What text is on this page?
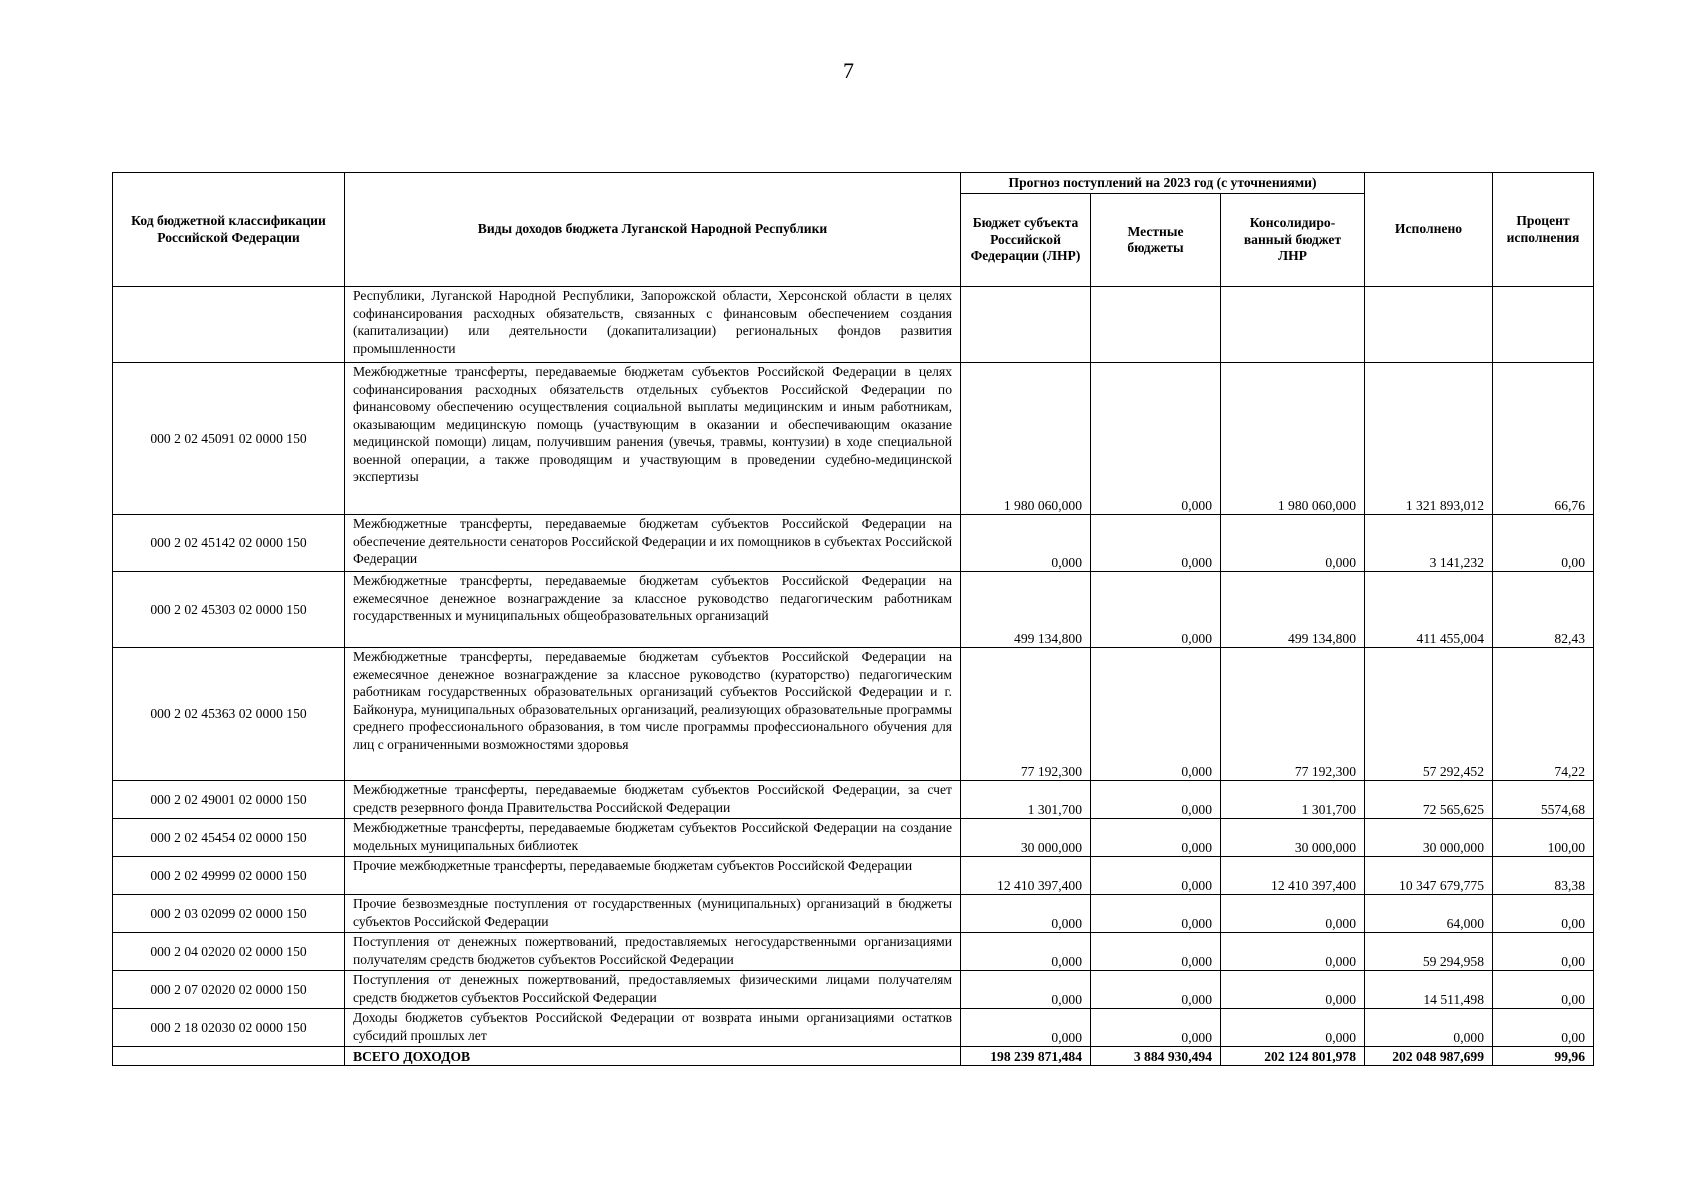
7
Код бюджетной классификации Российской Федерации	Виды доходов бюджета Луганской Народной Республики	Прогноз поступлений на 2023 год (с уточнениями)			Исполнено	Процент исполнения
		Бюджет субъекта Российской Федерации (ЛНР)	Местные бюджеты	Консолидиро-ванный бюджет ЛНР		
	Республики, Луганской Народной Республики, Запорожской области, Херсонской области в целях софинансирования расходных обязательств, связанных с финансовым обеспечением создания (капитализации) или деятельности (докапитализации) региональных фондов развития промышленности					
000 2 02 45091 02 0000 150	Межбюджетные трансферты, передаваемые бюджетам субъектов Российской Федерации в целях софинансирования расходных обязательств отдельных субъектов Российской Федерации по финансовому обеспечению осуществления социальной выплаты медицинским и иным работникам, оказывающим медицинскую помощь (участвующим в оказании и обеспечивающим оказание медицинской помощи) лицам, получившим ранения (увечья, травмы, контузии) в ходе специальной военной операции, а также проводящим и участвующим в проведении судебно-медицинской экспертизы	1 980 060,000	0,000	1 980 060,000	1 321 893,012	66,76
000 2 02 45142 02 0000 150	Межбюджетные трансферты, передаваемые бюджетам субъектов Российской Федерации на обеспечение деятельности сенаторов Российской Федерации и их помощников в субъектах Российской Федерации	0,000	0,000	0,000	3 141,232	0,00
000 2 02 45303 02 0000 150	Межбюджетные трансферты, передаваемые бюджетам субъектов Российской Федерации на ежемесячное денежное вознаграждение за классное руководство педагогическим работникам государственных и муниципальных общеобразовательных организаций	499 134,800	0,000	499 134,800	411 455,004	82,43
000 2 02 45363 02 0000 150	Межбюджетные трансферты, передаваемые бюджетам субъектов Российской Федерации на ежемесячное денежное вознаграждение за классное руководство (кураторство) педагогическим работникам государственных образовательных организаций субъектов Российской Федерации и г. Байконура, муниципальных образовательных организаций, реализующих образовательные программы среднего профессионального образования, в том числе программы профессионального обучения для лиц с ограниченными возможностями здоровья	77 192,300	0,000	77 192,300	57 292,452	74,22
000 2 02 49001 02 0000 150	Межбюджетные трансферты, передаваемые бюджетам субъектов Российской Федерации, за счет средств резервного фонда Правительства Российской Федерации	1 301,700	0,000	1 301,700	72 565,625	5574,68
000 2 02 45454 02 0000 150	Межбюджетные трансферты, передаваемые бюджетам субъектов Российской Федерации на создание модельных муниципальных библиотек	30 000,000	0,000	30 000,000	30 000,000	100,00
000 2 02 49999 02 0000 150	Прочие межбюджетные трансферты, передаваемые бюджетам субъектов Российской Федерации	12 410 397,400	0,000	12 410 397,400	10 347 679,775	83,38
000 2 03 02099 02 0000 150	Прочие безвозмездные поступления от государственных (муниципальных) организаций в бюджеты субъектов Российской Федерации	0,000	0,000	0,000	64,000	0,00
000 2 04 02020 02 0000 150	Поступления от денежных пожертвований, предоставляемых негосударственными организациями получателям средств бюджетов субъектов Российской Федерации	0,000	0,000	0,000	59 294,958	0,00
000 2 07 02020 02 0000 150	Поступления от денежных пожертвований, предоставляемых физическими лицами получателям средств бюджетов субъектов Российской Федерации	0,000	0,000	0,000	14 511,498	0,00
000 2 18 02030 02 0000 150	Доходы бюджетов субъектов Российской Федерации от возврата иными организациями остатков субсидий прошлых лет	0,000	0,000	0,000	0,000	0,00
	ВСЕГО ДОХОДОВ	198 239 871,484	3 884 930,494	202 124 801,978	202 048 987,699	99,96
